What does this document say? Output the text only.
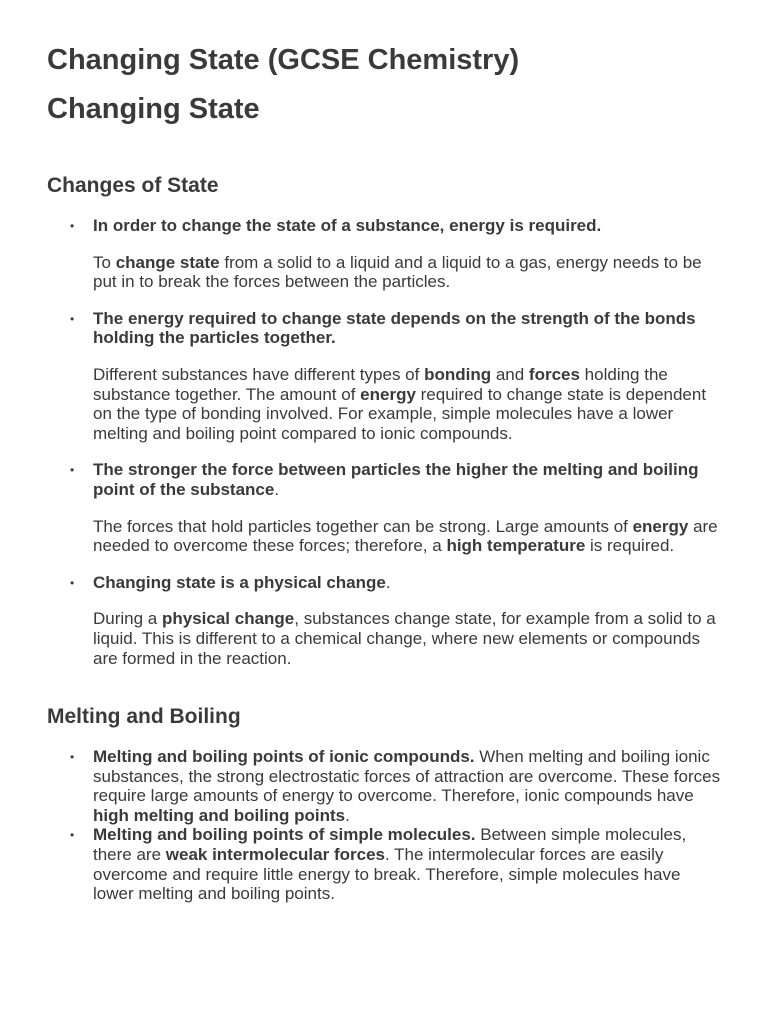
Changing State (GCSE Chemistry)
Changing State
Changes of State
• In order to change the state of a substance, energy is required.

To change state from a solid to a liquid and a liquid to a gas, energy needs to be put in to break the forces between the particles.

• The energy required to change state depends on the strength of the bonds holding the particles together.

Different substances have different types of bonding and forces holding the substance together. The amount of energy required to change state is dependent on the type of bonding involved. For example, simple molecules have a lower melting and boiling point compared to ionic compounds.

• The stronger the force between particles the higher the melting and boiling point of the substance.

The forces that hold particles together can be strong. Large amounts of energy are needed to overcome these forces; therefore, a high temperature is required.

• Changing state is a physical change.

During a physical change, substances change state, for example from a solid to a liquid. This is different to a chemical change, where new elements or compounds are formed in the reaction.

Melting and Boiling
• Melting and boiling points of ionic compounds. When melting and boiling ionic substances, the strong electrostatic forces of attraction are overcome. These forces require large amounts of energy to overcome. Therefore, ionic compounds have high melting and boiling points.

• Melting and boiling points of simple molecules. Between simple molecules, there are weak intermolecular forces. The intermolecular forces are easily overcome and require little energy to break. Therefore, simple molecules have lower melting and boiling points.
